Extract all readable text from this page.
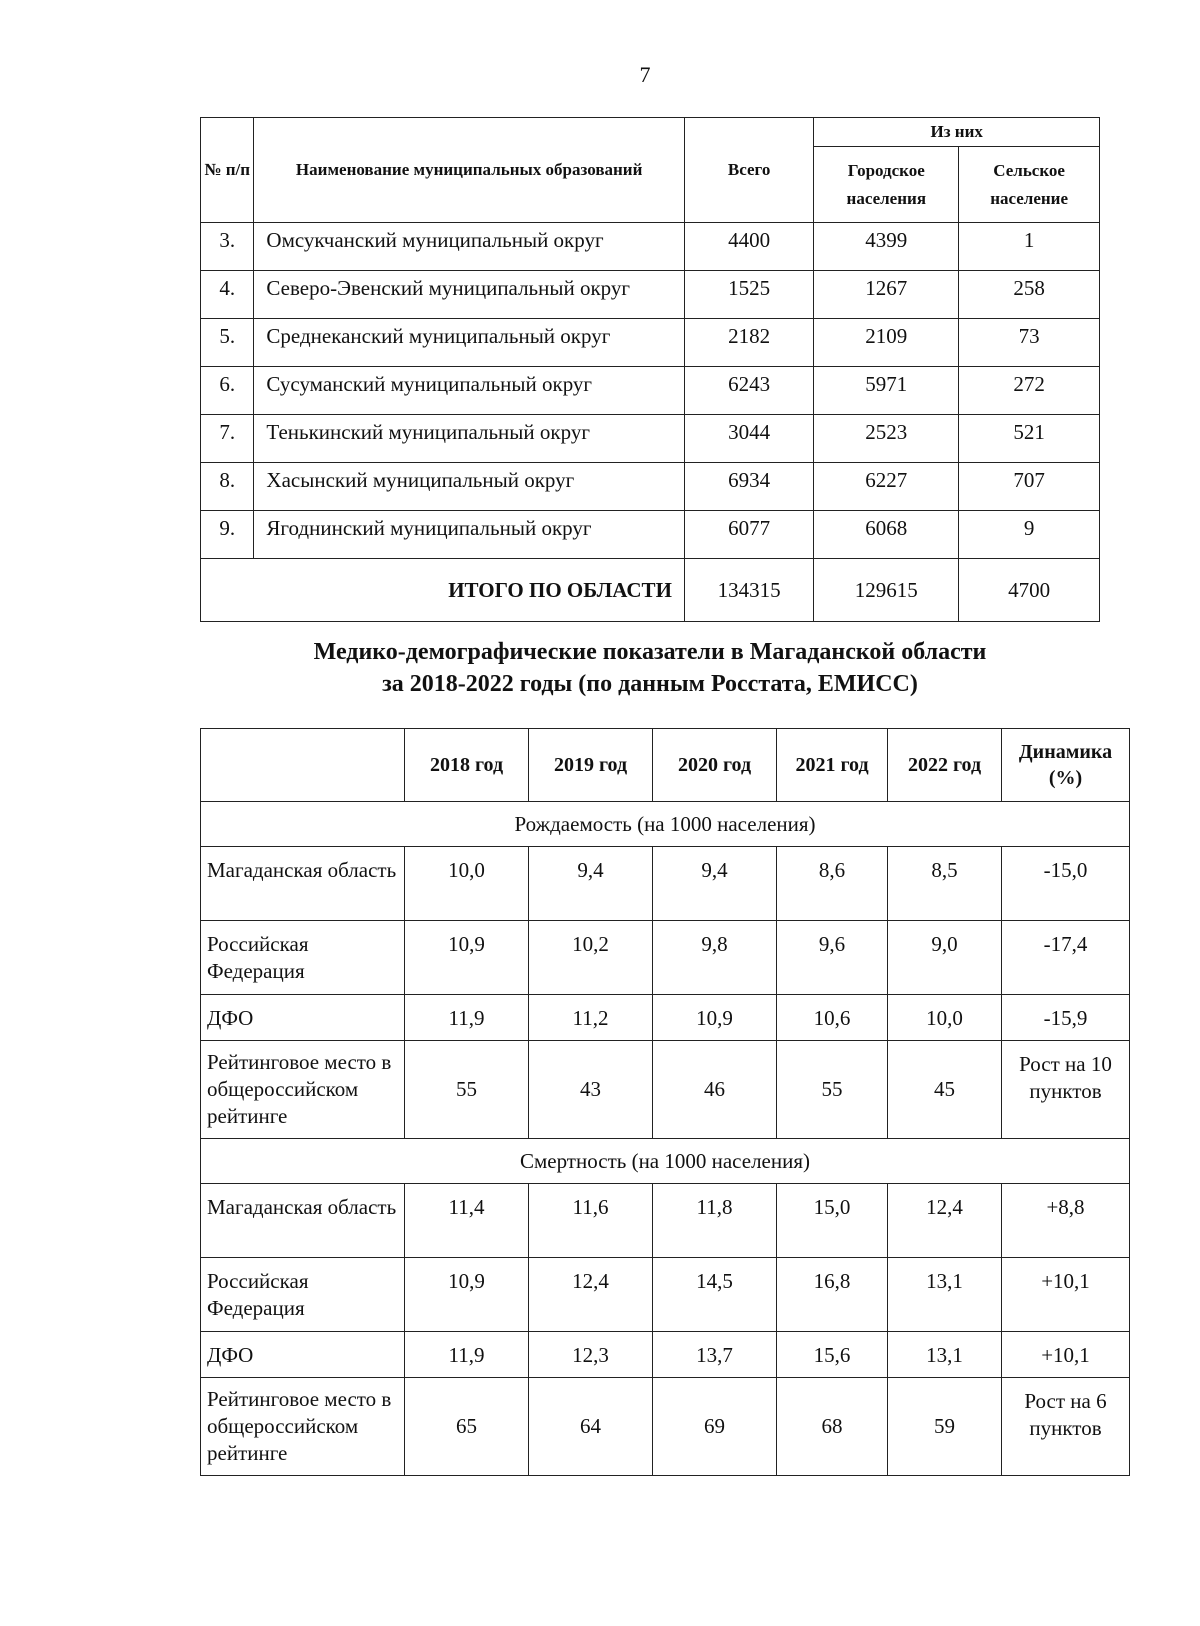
7
№ п/п	Наименование муниципальных образований	Всего	Из них	
			Городское населения	Сельское население
3.	Омсукчанский муниципальный округ	4400	4399	1
4.	Северо-Эвенский муниципальный округ	1525	1267	258
5.	Среднеканский муниципальный округ	2182	2109	73
6.	Сусуманский муниципальный округ	6243	5971	272
7.	Тенькинский муниципальный округ	3044	2523	521
8.	Хасынский муниципальный округ	6934	6227	707
9.	Ягоднинский муниципальный округ	6077	6068	9
ИТОГО ПО ОБЛАСТИ		134315	129615	4700
Медико-демографические показатели в Магаданской области
за 2018-2022 годы (по данным Росстата, ЕМИСС)
	2018 год	2019 год	2020 год	2021 год	2022 год	Динамика (%)
Рождаемость (на 1000 населения)						
Магаданская область	10,0	9,4	9,4	8,6	8,5	-15,0
Российская Федерация	10,9	10,2	9,8	9,6	9,0	-17,4
ДФО	11,9	11,2	10,9	10,6	10,0	-15,9
Рейтинговое место в общероссийском рейтинге	55	43	46	55	45	Рост на 10 пунктов
Смертность (на 1000 населения)						
Магаданская область	11,4	11,6	11,8	15,0	12,4	+8,8
Российская Федерация	10,9	12,4	14,5	16,8	13,1	+10,1
ДФО	11,9	12,3	13,7	15,6	13,1	+10,1
Рейтинговое место в общероссийском рейтинге	65	64	69	68	59	Рост на 6 пунктов
